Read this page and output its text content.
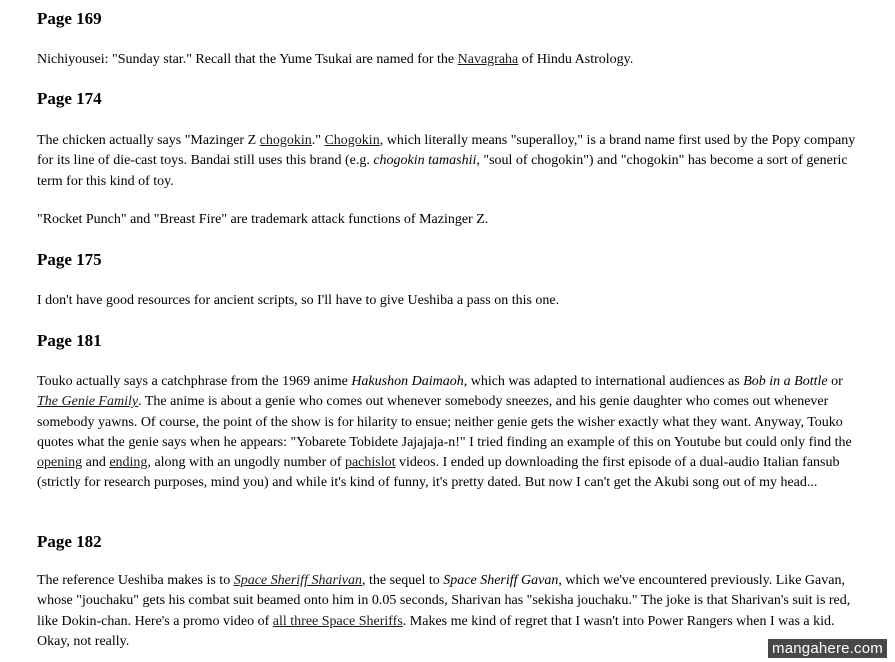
Page 169

Nichiyousei: "Sunday star." Recall that the Yume Tsukai are named for the Navagraha of Hindu Astrology.

Page 174

The chicken actually says "Mazinger Z chogokin." Chogokin, which literally means "superalloy," is a brand name first used by the Popy company for its line of die-cast toys. Bandai still uses this brand (e.g. chogokin tamashii, "soul of chogokin") and "chogokin" has become a sort of generic term for this kind of toy.

"Rocket Punch" and "Breast Fire" are trademark attack functions of Mazinger Z.

Page 175

I don't have good resources for ancient scripts, so I'll have to give Ueshiba a pass on this one.

Page 181

Touko actually says a catchphrase from the 1969 anime Hakushon Daimaoh, which was adapted to international audiences as Bob in a Bottle or The Genie Family. The anime is about a genie who comes out whenever somebody sneezes, and his genie daughter who comes out whenever somebody yawns. Of course, the point of the show is for hilarity to ensue; neither genie gets the wisher exactly what they want. Anyway, Touko quotes what the genie says when he appears: "Yobarete Tobidete Jajajaja-n!" I tried finding an example of this on Youtube but could only find the opening and ending, along with an ungodly number of pachislot videos. I ended up downloading the first episode of a dual-audio Italian fansub (strictly for research purposes, mind you) and while it's kind of funny, it's pretty dated. But now I can't get the Akubi song out of my head...

Page 182

The reference Ueshiba makes is to Space Sheriff Sharivan, the sequel to Space Sheriff Gavan, which we've encountered previously. Like Gavan, whose "jouchaku" gets his combat suit beamed onto him in 0.05 seconds, Sharivan has "sekisha jouchaku." The joke is that Sharivan's suit is red, like Dokin-chan. Here's a promo video of all three Space Sheriffs. Makes me kind of regret that I wasn't into Power Rangers when I was a kid. Okay, not really.	mangahere.com
